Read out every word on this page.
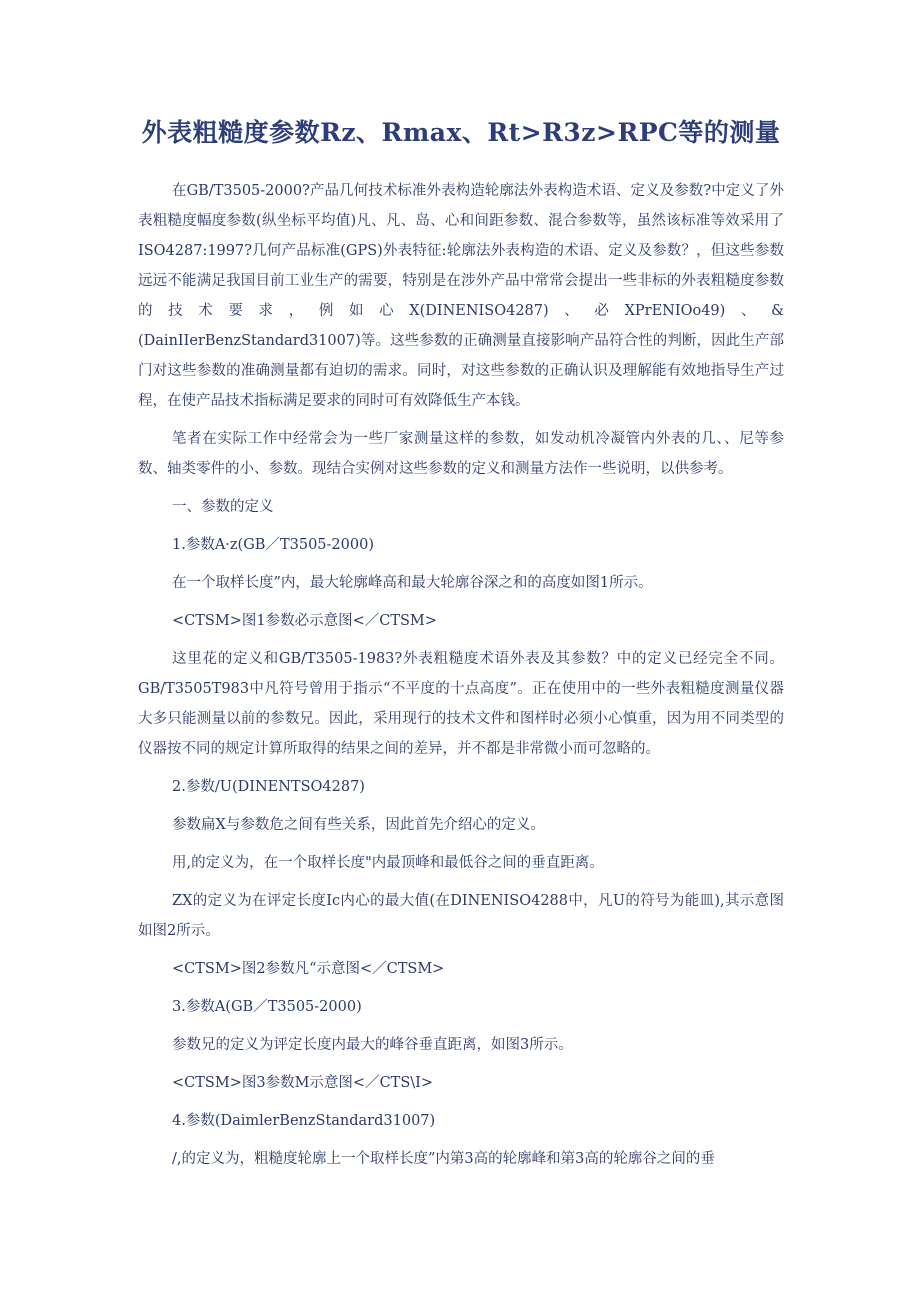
外表粗糙度参数Rz、Rmax、Rt>R3z>RPC等的测量

在GB/T3505-2000?产品几何技术标准外表构造轮廓法外表构造术语、定义及参数?中定义了外表粗糙度幅度参数(纵坐标平均值)凡、凡、岛、心和间距参数、混合参数等，虽然该标准等效采用了ISO4287:1997?几何产品标准(GPS)外表特征:轮廓法外表构造的术语、定义及参数？，但这些参数远远不能满足我国目前工业生产的需要，特别是在涉外产品中常常会提出一些非标的外表粗糙度参数的技术要求，例如心X(DINENISO4287)、必XPrENIOo49)、&(DainIIerBenzStandard31007)等。这些参数的正确测量直接影响产品符合性的判断，因此生产部门对这些参数的准确测量都有迫切的需求。同时，对这些参数的正确认识及理解能有效地指导生产过程，在使产品技术指标满足要求的同时可有效降低生产本钱。

笔者在实际工作中经常会为一些厂家测量这样的参数，如发动机冷凝管内外表的几、、尼等参数、轴类零件的小、参数。现结合实例对这些参数的定义和测量方法作一些说明，以供参考。

一、参数的定义

1.参数A·z(GB／T3505-2000)

在一个取样长度”内，最大轮廓峰高和最大轮廓谷深之和的高度如图1所示。

<CTSM>图1参数必示意图<／CTSM>

这里花的定义和GB/T3505-1983?外表粗糙度术语外表及其参数？中的定义已经完全不同。GB/T3505T983中凡符号曾用于指示“不平度的十点高度”。正在使用中的一些外表粗糙度测量仪器大多只能测量以前的参数兄。因此，采用现行的技术文件和图样时必须小心慎重，因为用不同类型的仪器按不同的规定计算所取得的结果之间的差异，并不都是非常微小而可忽略的。

2.参数/U(DINENTSO4287)

参数扁X与参数危之间有些关系，因此首先介绍心的定义。

用,的定义为，在一个取样长度"内最顶峰和最低谷之间的垂直距离。

ZX的定义为在评定长度Ic内心的最大值(在DINENISO4288中，凡U的符号为能皿),其示意图如图2所示。

<CTSM>图2参数凡“示意图<／CTSM>

3.参数A(GB／T3505-2000)

参数兄的定义为评定长度内最大的峰谷垂直距离，如图3所示。

<CTSM>图3参数M示意图<／CTS\I>

4.参数(DaimlerBenzStandard31007)

/,的定义为，粗糙度轮廓上一个取样长度”内第3高的轮廓峰和第3高的轮廓谷之间的垂
